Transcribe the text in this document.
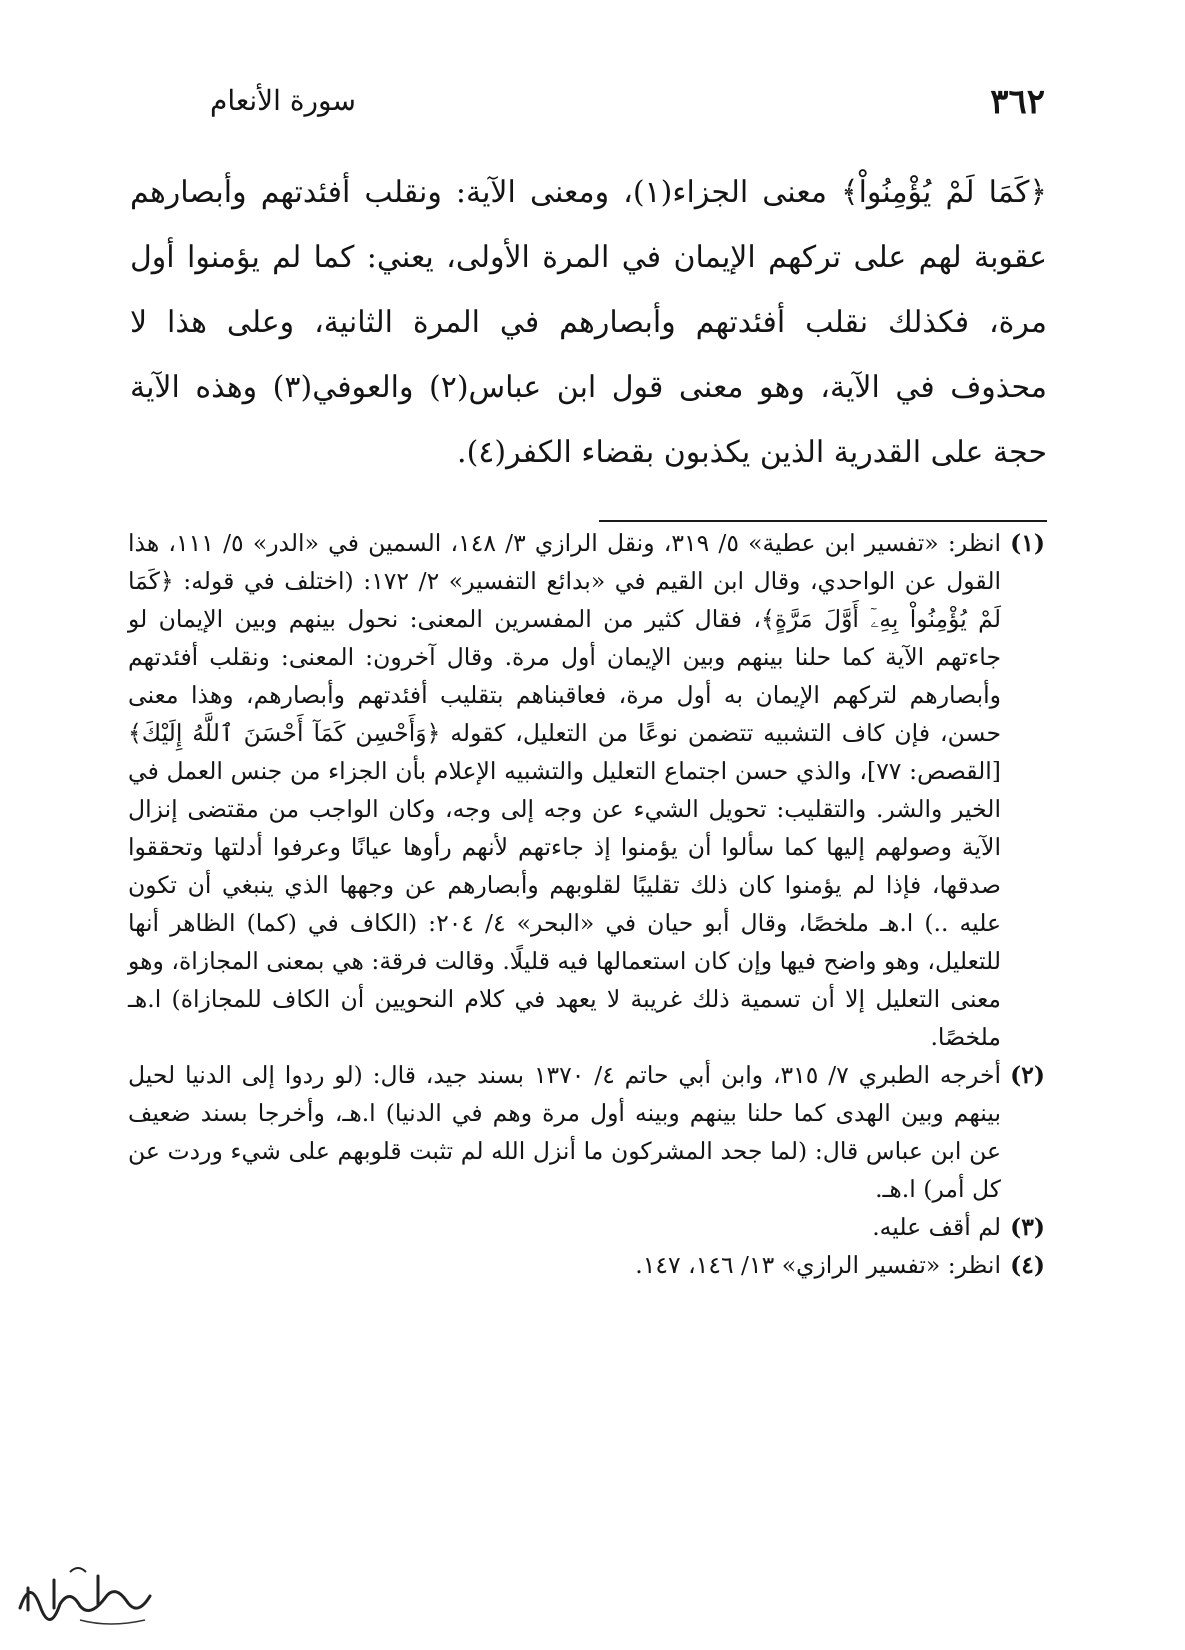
٣٦٢
سورة الأنعام

﴿كَمَا لَمْ يُؤْمِنُواْ﴾ معنى الجزاء(١)، ومعنى الآية: ونقلب أفئدتهم وأبصارهم عقوبة لهم على تركهم الإيمان في المرة الأولى، يعني: كما لم يؤمنوا أول مرة، فكذلك نقلب أفئدتهم وأبصارهم في المرة الثانية، وعلى هذا لا محذوف في الآية، وهو معنى قول ابن عباس(٢) والعوفي(٣) وهذه الآية حجة على القدرية الذين يكذبون بقضاء الكفر(٤).

(١)
انظر: «تفسير ابن عطية» ٥/ ٣١٩، ونقل الرازي ٣/ ١٤٨، السمين في «الدر» ٥/ ١١١، هذا القول عن الواحدي، وقال ابن القيم في «بدائع التفسير» ٢/ ١٧٢: (اختلف في قوله: ﴿كَمَا لَمْ يُؤْمِنُواْ بِهِۦٓ أَوَّلَ مَرَّةٍ﴾، فقال كثير من المفسرين المعنى: نحول بينهم وبين الإيمان لو جاءتهم الآية كما حلنا بينهم وبين الإيمان أول مرة. وقال آخرون: المعنى: ونقلب أفئدتهم وأبصارهم لتركهم الإيمان به أول مرة، فعاقبناهم بتقليب أفئدتهم وأبصارهم، وهذا معنى حسن، فإن كاف التشبيه تتضمن نوعًا من التعليل، كقوله ﴿وَأَحْسِن كَمَآ أَحْسَنَ ٱللَّهُ إِلَيْكَ﴾ [القصص: ٧٧]، والذي حسن اجتماع التعليل والتشبيه الإعلام بأن الجزاء من جنس العمل في الخير والشر. والتقليب: تحويل الشيء عن وجه إلى وجه، وكان الواجب من مقتضى إنزال الآية وصولهم إليها كما سألوا أن يؤمنوا إذ جاءتهم لأنهم رأوها عيانًا وعرفوا أدلتها وتحققوا صدقها، فإذا لم يؤمنوا كان ذلك تقليبًا لقلوبهم وأبصارهم عن وجهها الذي ينبغي أن تكون عليه ..) ا.هـ ملخصًا، وقال أبو حيان في «البحر» ٤/ ٢٠٤: (الكاف في (كما) الظاهر أنها للتعليل، وهو واضح فيها وإن كان استعمالها فيه قليلًا. وقالت فرقة: هي بمعنى المجازاة، وهو معنى التعليل إلا أن تسمية ذلك غريبة لا يعهد في كلام النحويين أن الكاف للمجازاة) ا.هـ ملخصًا.

(٢)
أخرجه الطبري ٧/ ٣١٥، وابن أبي حاتم ٤/ ١٣٧٠ بسند جيد، قال: (لو ردوا إلى الدنيا لحيل بينهم وبين الهدى كما حلنا بينهم وبينه أول مرة وهم في الدنيا) ا.هـ، وأخرجا بسند ضعيف عن ابن عباس قال: (لما جحد المشركون ما أنزل الله لم تثبت قلوبهم على شيء وردت عن كل أمر) ا.هـ.

(٣)
لم أقف عليه.

(٤)
انظر: «تفسير الرازي» ١٣/ ١٤٦، ١٤٧.
